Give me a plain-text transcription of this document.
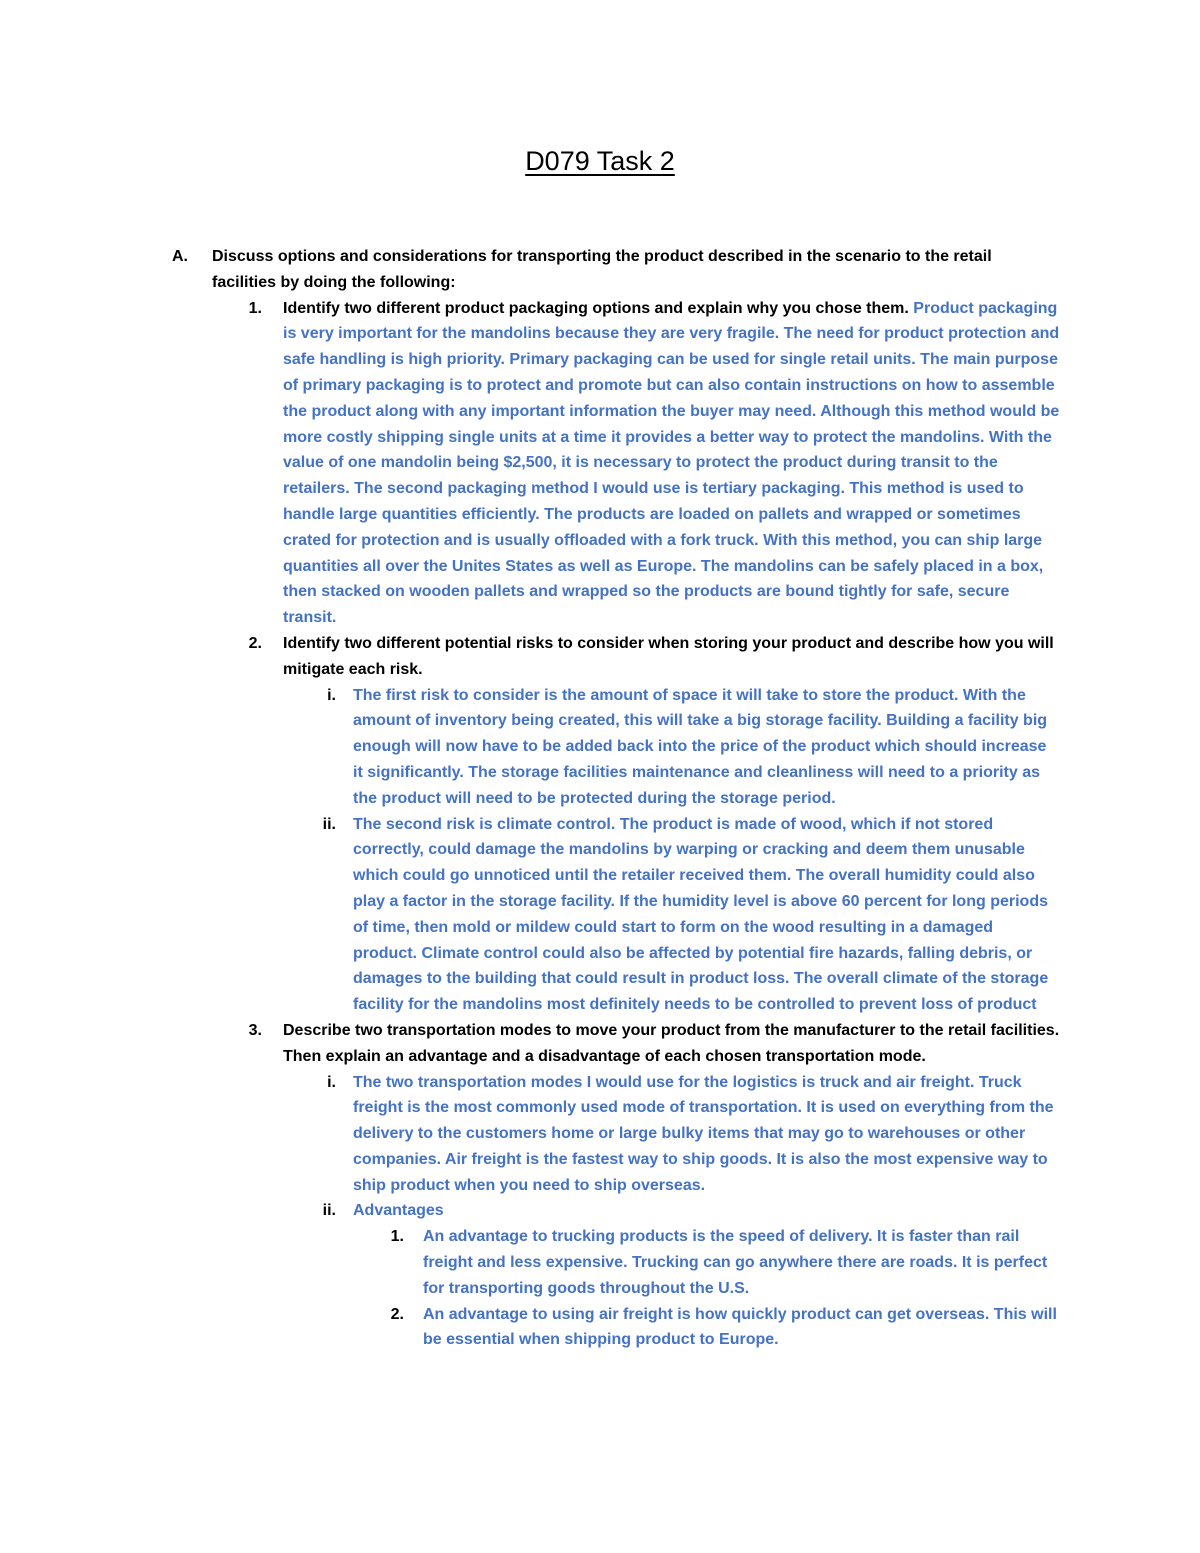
D079 Task 2
A.	Discuss options and considerations for transporting the product described in the scenario to the retail facilities by doing the following:
1. Identify two different product packaging options and explain why you chose them. Product packaging is very important for the mandolins because they are very fragile. The need for product protection and safe handling is high priority. Primary packaging can be used for single retail units. The main purpose of primary packaging is to protect and promote but can also contain instructions on how to assemble the product along with any important information the buyer may need. Although this method would be more costly shipping single units at a time it provides a better way to protect the mandolins. With the value of one mandolin being $2,500, it is necessary to protect the product during transit to the retailers. The second packaging method I would use is tertiary packaging. This method is used to handle large quantities efficiently. The products are loaded on pallets and wrapped or sometimes crated for protection and is usually offloaded with a fork truck. With this method, you can ship large quantities all over the Unites States as well as Europe. The mandolins can be safely placed in a box, then stacked on wooden pallets and wrapped so the products are bound tightly for safe, secure transit.
2. Identify two different potential risks to consider when storing your product and describe how you will mitigate each risk.
i. The first risk to consider is the amount of space it will take to store the product. With the amount of inventory being created, this will take a big storage facility. Building a facility big enough will now have to be added back into the price of the product which should increase it significantly. The storage facilities maintenance and cleanliness will need to a priority as the product will need to be protected during the storage period.
ii. The second risk is climate control. The product is made of wood, which if not stored correctly, could damage the mandolins by warping or cracking and deem them unusable which could go unnoticed until the retailer received them. The overall humidity could also play a factor in the storage facility. If the humidity level is above 60 percent for long periods of time, then mold or mildew could start to form on the wood resulting in a damaged product. Climate control could also be affected by potential fire hazards, falling debris, or damages to the building that could result in product loss. The overall climate of the storage facility for the mandolins most definitely needs to be controlled to prevent loss of product
3. Describe two transportation modes to move your product from the manufacturer to the retail facilities. Then explain an advantage and a disadvantage of each chosen transportation mode.
i. The two transportation modes I would use for the logistics is truck and air freight. Truck freight is the most commonly used mode of transportation. It is used on everything from the delivery to the customers home or large bulky items that may go to warehouses or other companies. Air freight is the fastest way to ship goods. It is also the most expensive way to ship product when you need to ship overseas.
ii. Advantages
1. An advantage to trucking products is the speed of delivery. It is faster than rail freight and less expensive. Trucking can go anywhere there are roads. It is perfect for transporting goods throughout the U.S.
2. An advantage to using air freight is how quickly product can get overseas. This will be essential when shipping product to Europe.
